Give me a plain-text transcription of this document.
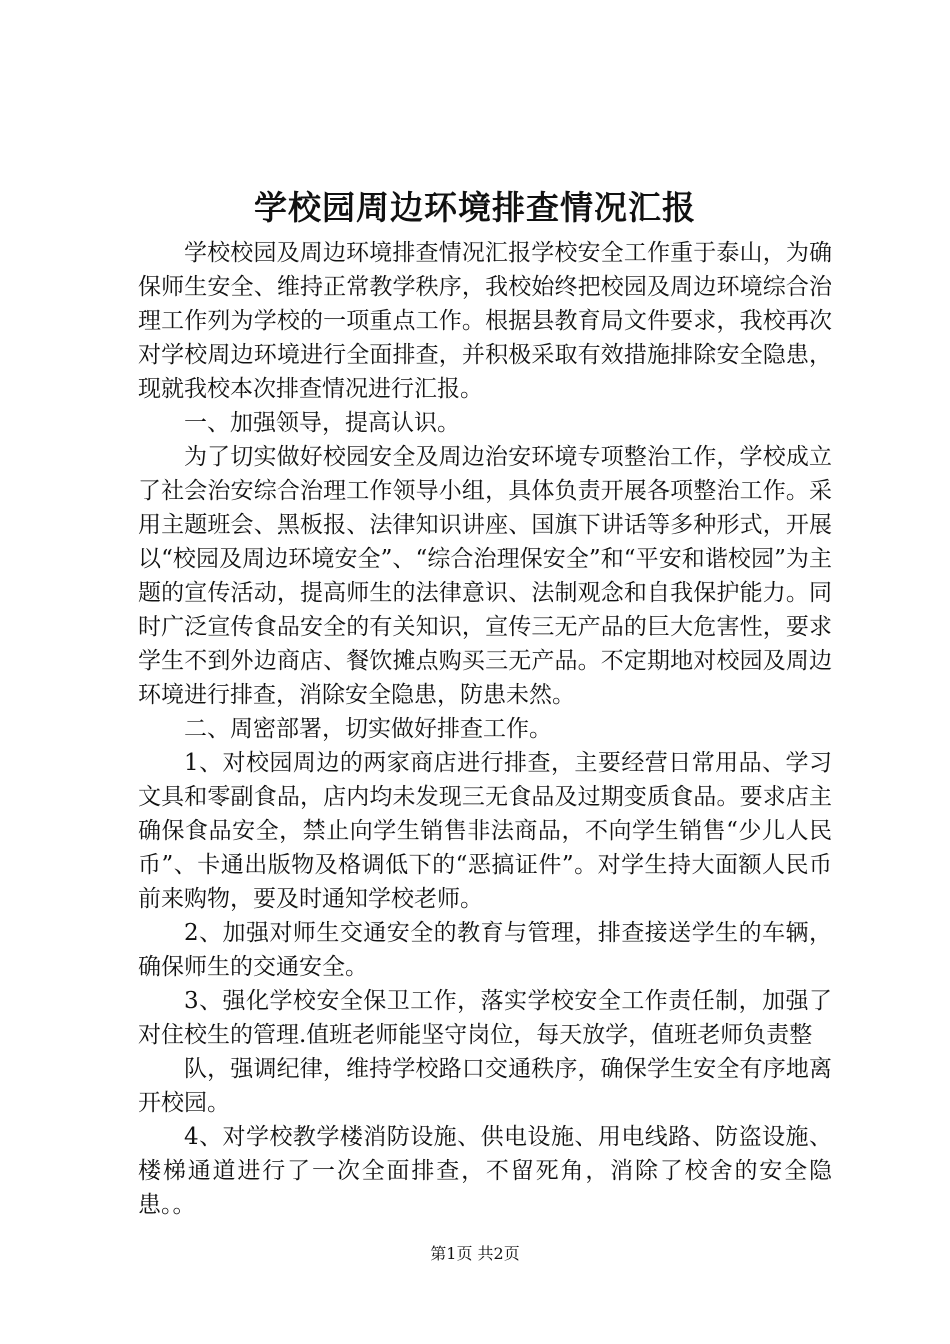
学校园周边环境排查情况汇报

学校校园及周边环境排查情况汇报学校安全工作重于泰山，为确保师生安全、维持正常教学秩序，我校始终把校园及周边环境综合治理工作列为学校的一项重点工作。根据县教育局文件要求，我校再次对学校周边环境进行全面排查，并积极采取有效措施排除安全隐患，现就我校本次排查情况进行汇报。

一、加强领导，提高认识。

为了切实做好校园安全及周边治安环境专项整治工作，学校成立了社会治安综合治理工作领导小组，具体负责开展各项整治工作。采用主题班会、黑板报、法律知识讲座、国旗下讲话等多种形式，开展以“校园及周边环境安全”、“综合治理保安全”和“平安和谐校园”为主题的宣传活动，提高师生的法律意识、法制观念和自我保护能力。同时广泛宣传食品安全的有关知识，宣传三无产品的巨大危害性，要求学生不到外边商店、餐饮摊点购买三无产品。不定期地对校园及周边环境进行排查，消除安全隐患，防患未然。

二、周密部署，切实做好排查工作。

1、对校园周边的两家商店进行排查，主要经营日常用品、学习文具和零副食品，店内均未发现三无食品及过期变质食品。要求店主确保食品安全，禁止向学生销售非法商品，不向学生销售“少儿人民币”、卡通出版物及格调低下的“恶搞证件”。对学生持大面额人民币前来购物，要及时通知学校老师。

2、加强对师生交通安全的教育与管理，排查接送学生的车辆，确保师生的交通安全。

3、强化学校安全保卫工作，落实学校安全工作责任制，加强了对住校生的管理.值班老师能坚守岗位，每天放学，值班老师负责整

队，强调纪律，维持学校路口交通秩序，确保学生安全有序地离开校园。

4、对学校教学楼消防设施、供电设施、用电线路、防盗设施、楼梯通道进行了一次全面排查，不留死角，消除了校舍的安全隐患。。

第1页 共2页
